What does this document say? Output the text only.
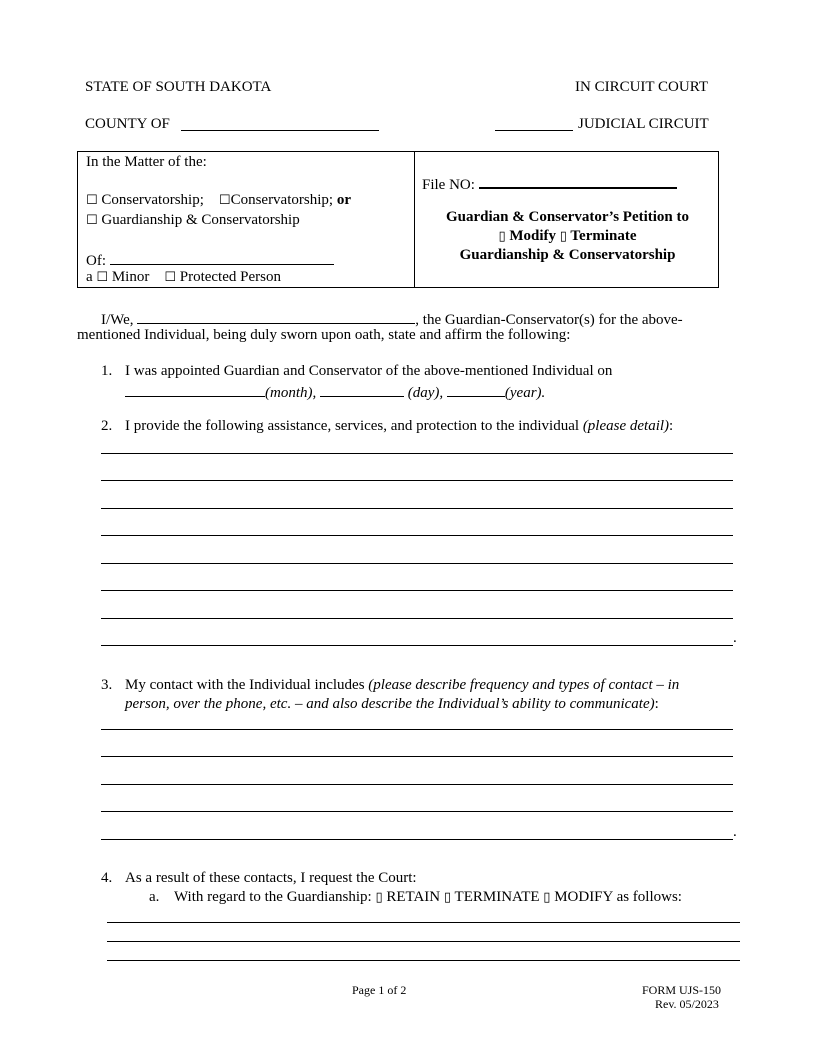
STATE OF SOUTH DAKOTA	IN CIRCUIT COURT
COUNTY OF	JUDICIAL CIRCUIT
In the Matter of the:
☐ Conservatorship; ☐Conservatorship; or
☐ Guardianship & Conservatorship
Of:
a ☐ Minor ☐ Protected Person
File NO:
Guardian & Conservator’s Petition to
▯ Modify ▯ Terminate
Guardianship & Conservatorship
I/We,	, the Guardian-Conservator(s) for the above-
mentioned Individual, being duly sworn upon oath, state and affirm the following:
1. I was appointed Guardian and Conservator of the above-mentioned Individual on
(month),	(day),	(year).
2. I provide the following assistance, services, and protection to the individual (please detail):
.
3. My contact with the Individual includes (please describe frequency and types of contact – in
person, over the phone, etc. – and also describe the Individual’s ability to communicate):
.
4. As a result of these contacts, I request the Court:
a. With regard to the Guardianship: ▯ RETAIN ▯ TERMINATE ▯ MODIFY as follows:
Page 1 of 2	FORM UJS-150
Rev. 05/2023
